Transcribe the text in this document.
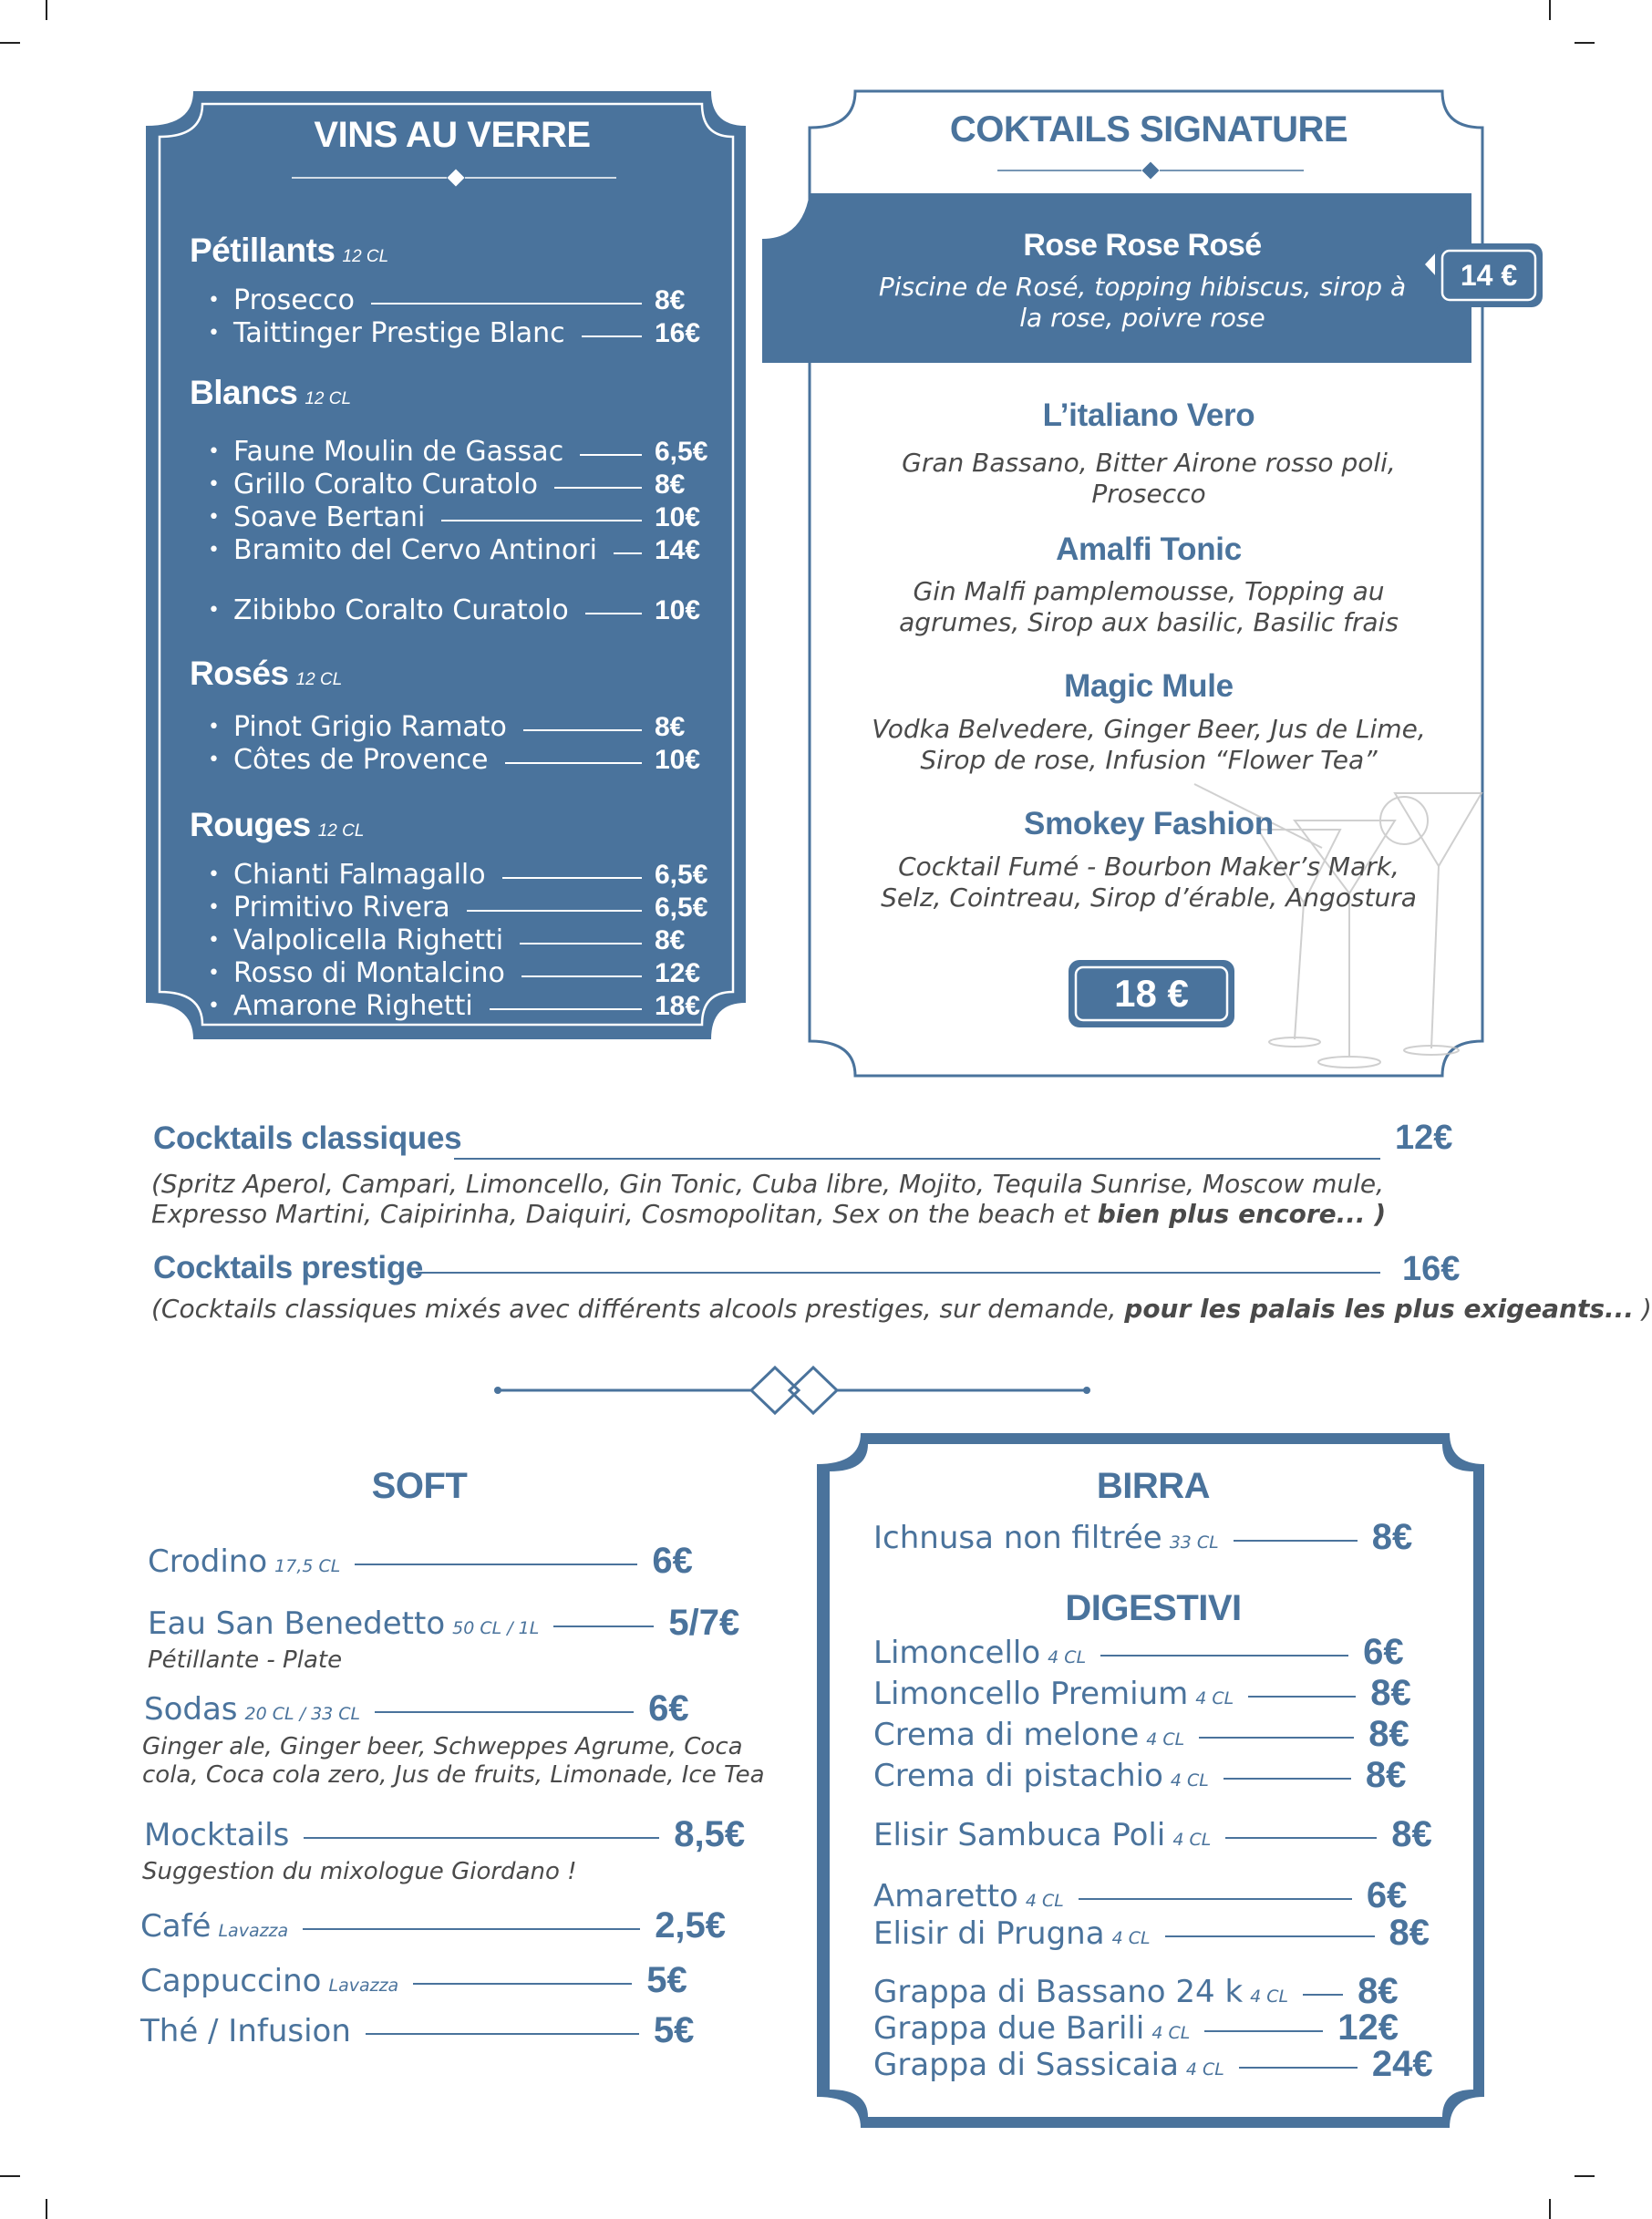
VINS AU VERRE
Pétillants 12 CL
• Prosecco	8€
• Taittinger Prestige Blanc	16€
Blancs 12 CL
• Faune Moulin de Gassac	6,5€
• Grillo Coralto Curatolo	8€
• Soave Bertani	10€
• Bramito del Cervo Antinori 14€
• Zibibbo Coralto Curatolo	10€
Rosés 12 CL
• Pinot Grigio Ramato	8€
• Côtes de Provence	10€
Rouges 12 CL
• Chianti Falmagallo	6,5€
• Primitivo Rivera	6,5€
• Valpolicella Righetti	8€
• Rosso di Montalcino	12€
• Amarone Righetti	18€
COKTAILS SIGNATURE
Rose Rose Rosé
Piscine de Rosé, topping hibiscus, sirop à
la rose, poivre rose
14 €
L’italiano Vero
Gran Bassano, Bitter Airone rosso poli,
Prosecco
Amalfi Tonic
Gin Malfi pamplemousse, Topping au
agrumes, Sirop aux basilic, Basilic frais
Magic Mule
Vodka Belvedere, Ginger Beer, Jus de Lime,
Sirop de rose, Infusion “Flower Tea”
Smokey Fashion
Cocktail Fumé - Bourbon Maker’s Mark,
Selz, Cointreau, Sirop d’érable, Angostura
18 €
Cocktails classiques	12€
(Spritz Aperol, Campari, Limoncello, Gin Tonic, Cuba libre, Mojito, Tequila Sunrise, Moscow mule,
Expresso Martini, Caipirinha, Daiquiri, Cosmopolitan, Sex on the beach et bien plus encore... )
Cocktails prestige	16€
(Cocktails classiques mixés avec différents alcools prestiges, sur demande, pour les palais les plus exigeants... )
SOFT
Crodino 17,5 CL	6€
Eau San Benedetto 50 CL / 1L	5/7€
Pétillante - Plate
Sodas 20 CL / 33 CL	6€
Ginger ale, Ginger beer, Schweppes Agrume, Coca
cola, Coca cola zero, Jus de fruits, Limonade, Ice Tea
Mocktails	8,5€
Suggestion du mixologue Giordano !
Café Lavazza	2,5€
Cappuccino Lavazza	5€
Thé / Infusion	5€
BIRRA
Ichnusa non filtrée 33 CL	8€
DIGESTIVI
Limoncello 4 CL	6€
Limoncello Premium 4 CL	8€
Crema di melone 4 CL	8€
Crema di pistachio 4 CL	8€
Elisir Sambuca Poli 4 CL	8€
Amaretto 4 CL	6€
Elisir di Prugna 4 CL	8€
Grappa di Bassano 24 k 4 CL 8€
Grappa due Barili 4 CL	12€
Grappa di Sassicaia 4 CL	24€
